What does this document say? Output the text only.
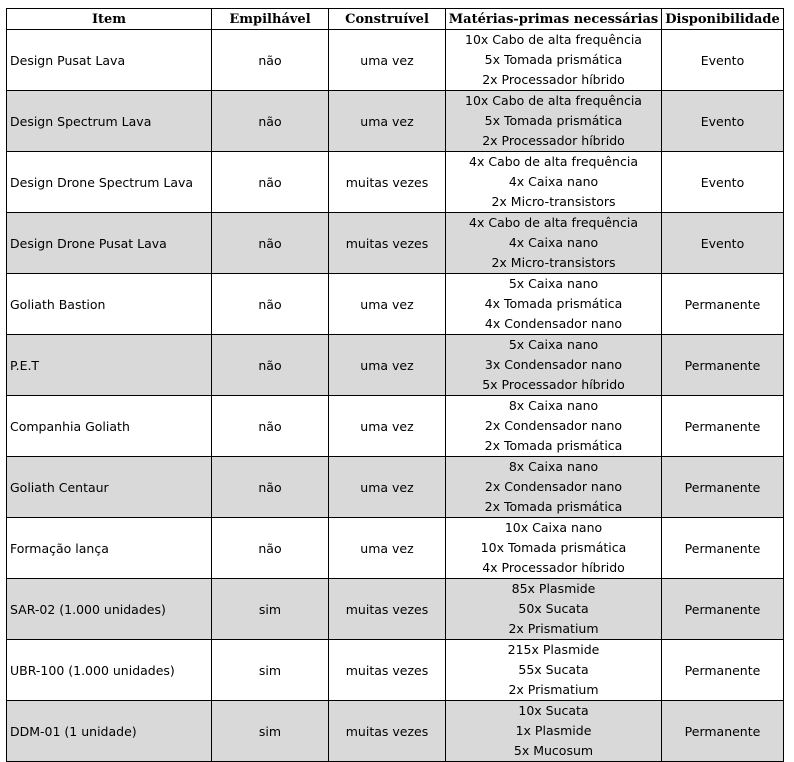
Item	Empilhável	Construível	Matérias-primas necessárias	Disponibilidade
Design Pusat Lava	não	uma vez	10x Cabo de alta frequência
5x Tomada prismática
2x Processador híbrido	Evento
Design Spectrum Lava	não	uma vez	10x Cabo de alta frequência
5x Tomada prismática
2x Processador híbrido	Evento
Design Drone Spectrum Lava	não	muitas vezes	4x Cabo de alta frequência
4x Caixa nano
2x Micro-transistors	Evento
Design Drone Pusat Lava	não	muitas vezes	4x Cabo de alta frequência
4x Caixa nano
2x Micro-transistors	Evento
Goliath Bastion	não	uma vez	5x Caixa nano
4x Tomada prismática
4x Condensador nano	Permanente
P.E.T	não	uma vez	5x Caixa nano
3x Condensador nano
5x Processador híbrido	Permanente
Companhia Goliath	não	uma vez	8x Caixa nano
2x Condensador nano
2x Tomada prismática	Permanente
Goliath Centaur	não	uma vez	8x Caixa nano
2x Condensador nano
2x Tomada prismática	Permanente
Formação lança	não	uma vez	10x Caixa nano
10x Tomada prismática
4x Processador híbrido	Permanente
SAR-02 (1.000 unidades)	sim	muitas vezes	85x Plasmide
50x Sucata
2x Prismatium	Permanente
UBR-100 (1.000 unidades)	sim	muitas vezes	215x Plasmide
55x Sucata
2x Prismatium	Permanente
DDM-01 (1 unidade)	sim	muitas vezes	10x Sucata
1x Plasmide
5x Mucosum	Permanente
